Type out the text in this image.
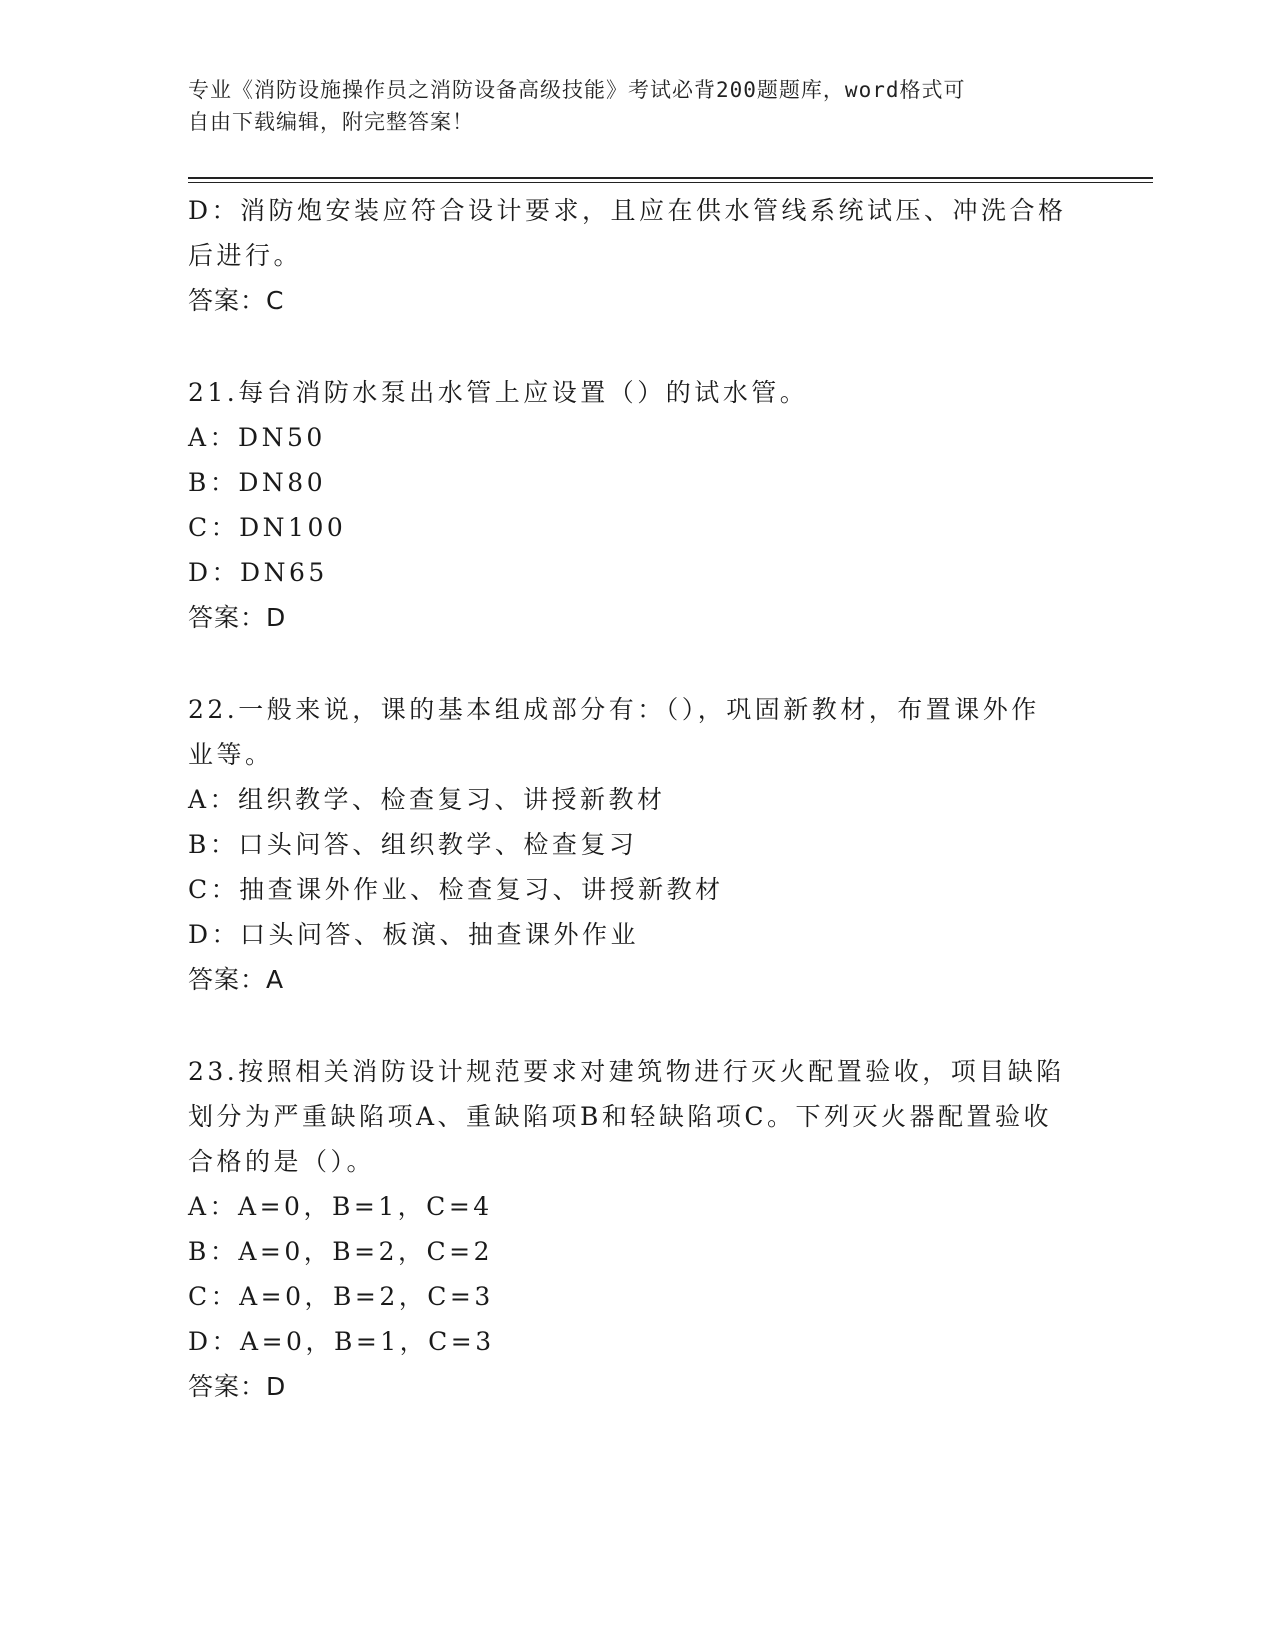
专业《消防设施操作员之消防设备高级技能》考试必背200题题库，word格式可
自由下载编辑，附完整答案！
D：消防炮安装应符合设计要求，且应在供水管线系统试压、冲洗合格
后进行。
答案：C
21.每台消防水泵出水管上应设置（）的试水管。
A：DN50
B：DN80
C：DN100
D：DN65
答案：D
22.一般来说，课的基本组成部分有：（），巩固新教材，布置课外作
业等。
A：组织教学、检查复习、讲授新教材
B：口头问答、组织教学、检查复习
C：抽查课外作业、检查复习、讲授新教材
D：口头问答、板演、抽查课外作业
答案：A
23.按照相关消防设计规范要求对建筑物进行灭火配置验收，项目缺陷
划分为严重缺陷项A、重缺陷项B和轻缺陷项C。下列灭火器配置验收
合格的是（）。
A：A=0，B=1，C=4
B：A=0，B=2，C=2
C：A=0，B=2，C=3
D：A=0，B=1，C=3
答案：D
